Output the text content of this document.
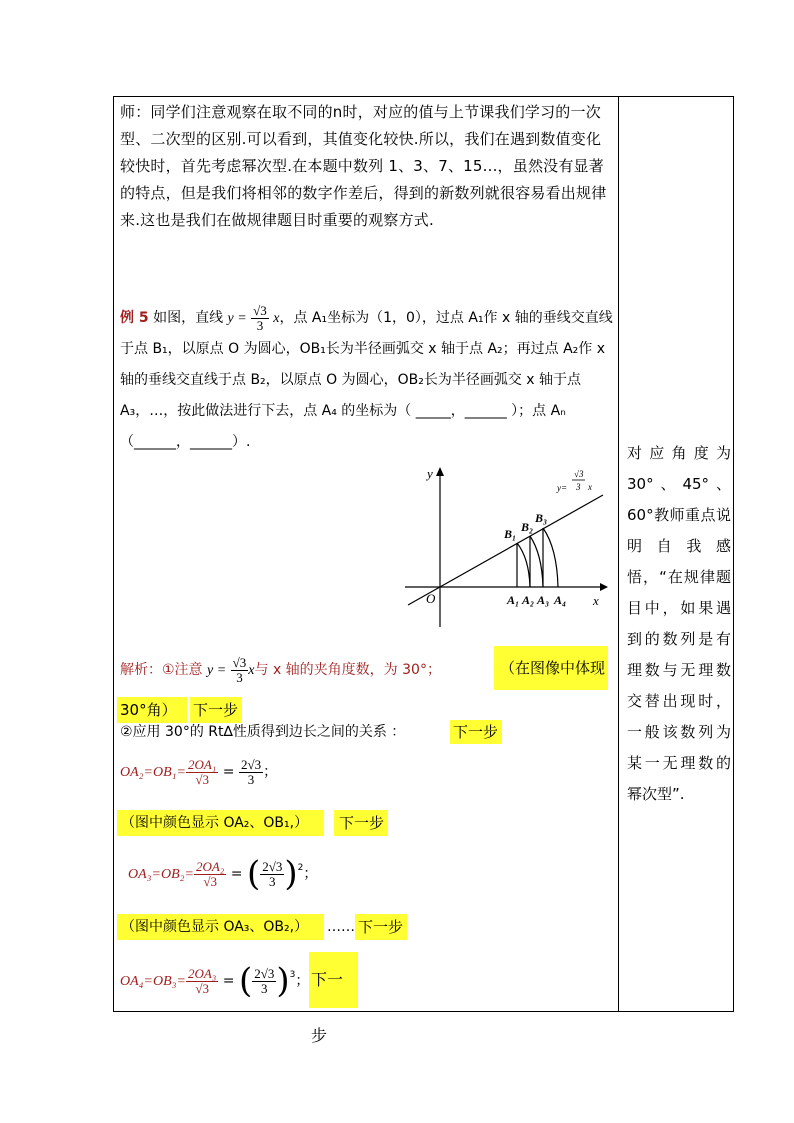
师：同学们注意观察在取不同的n时，对应的值与上节课我们学习的一次型、二次型的区别.可以看到，其值变化较快.所以，我们在遇到数值变化较快时，首先考虑幂次型.在本题中数列 1、3、7、15...，虽然没有显著的特点，但是我们将相邻的数字作差后，得到的新数列就很容易看出规律来.这也是我们在做规律题目时重要的观察方式.
例 5 如图，直线 $y = \frac{√3}{3}$ x，点 A₁坐标为（1，0），过点 A₁作 x 轴的垂线交直线于点 B₁，以原点 O 为圆心，OB₁长为半径画弧交 x 轴于点 A₂；再过点 A₂作 x 轴的垂线交直线于点 B₂，以原点 O 为圆心，OB₂长为半径画弧交 x 轴于点 A₃，…，按此做法进行下去，点 A₄ 的坐标为（ _____，______ ）；点 Aₙ（______，______）.
y
x
O
y=
√3
3 x
B₁ B₂
B₃
A₁ A₂ A₃ A₄
解析：①注意 $y = \frac{√3}{3}$ x与 x 轴的夹角度数，为 30°；	（在图像中体现
30°角）	下一步
②应用 30°的 Rt∆性质得到边长之间的关系 ：	下一步
$OA_2=OB_1= \frac{\text{2OA₁}}{√3} = \frac{2√3}{3}$ ；
（图中颜色显示 OA₂、OB₁,）	下一步
$OA_3=OB_2= \frac{\text{2OA₂}}{√3}$ = ( $\frac{2√3}{3} )^2$；
（图中颜色显示 OA₃、OB₂,）	…… 下一步
$OA_4=OB_3= \frac{\text{2OA₃}}{√3}$ = ( $\frac{2√3}{3} )^3$； 下一步
对应角度为 30°、45°、60°教师重点说明自我感悟，“在规律题目中，如果遇到的数列是有理数与无理数交替出现时，一般该数列为某一无理数的幂次型”.
